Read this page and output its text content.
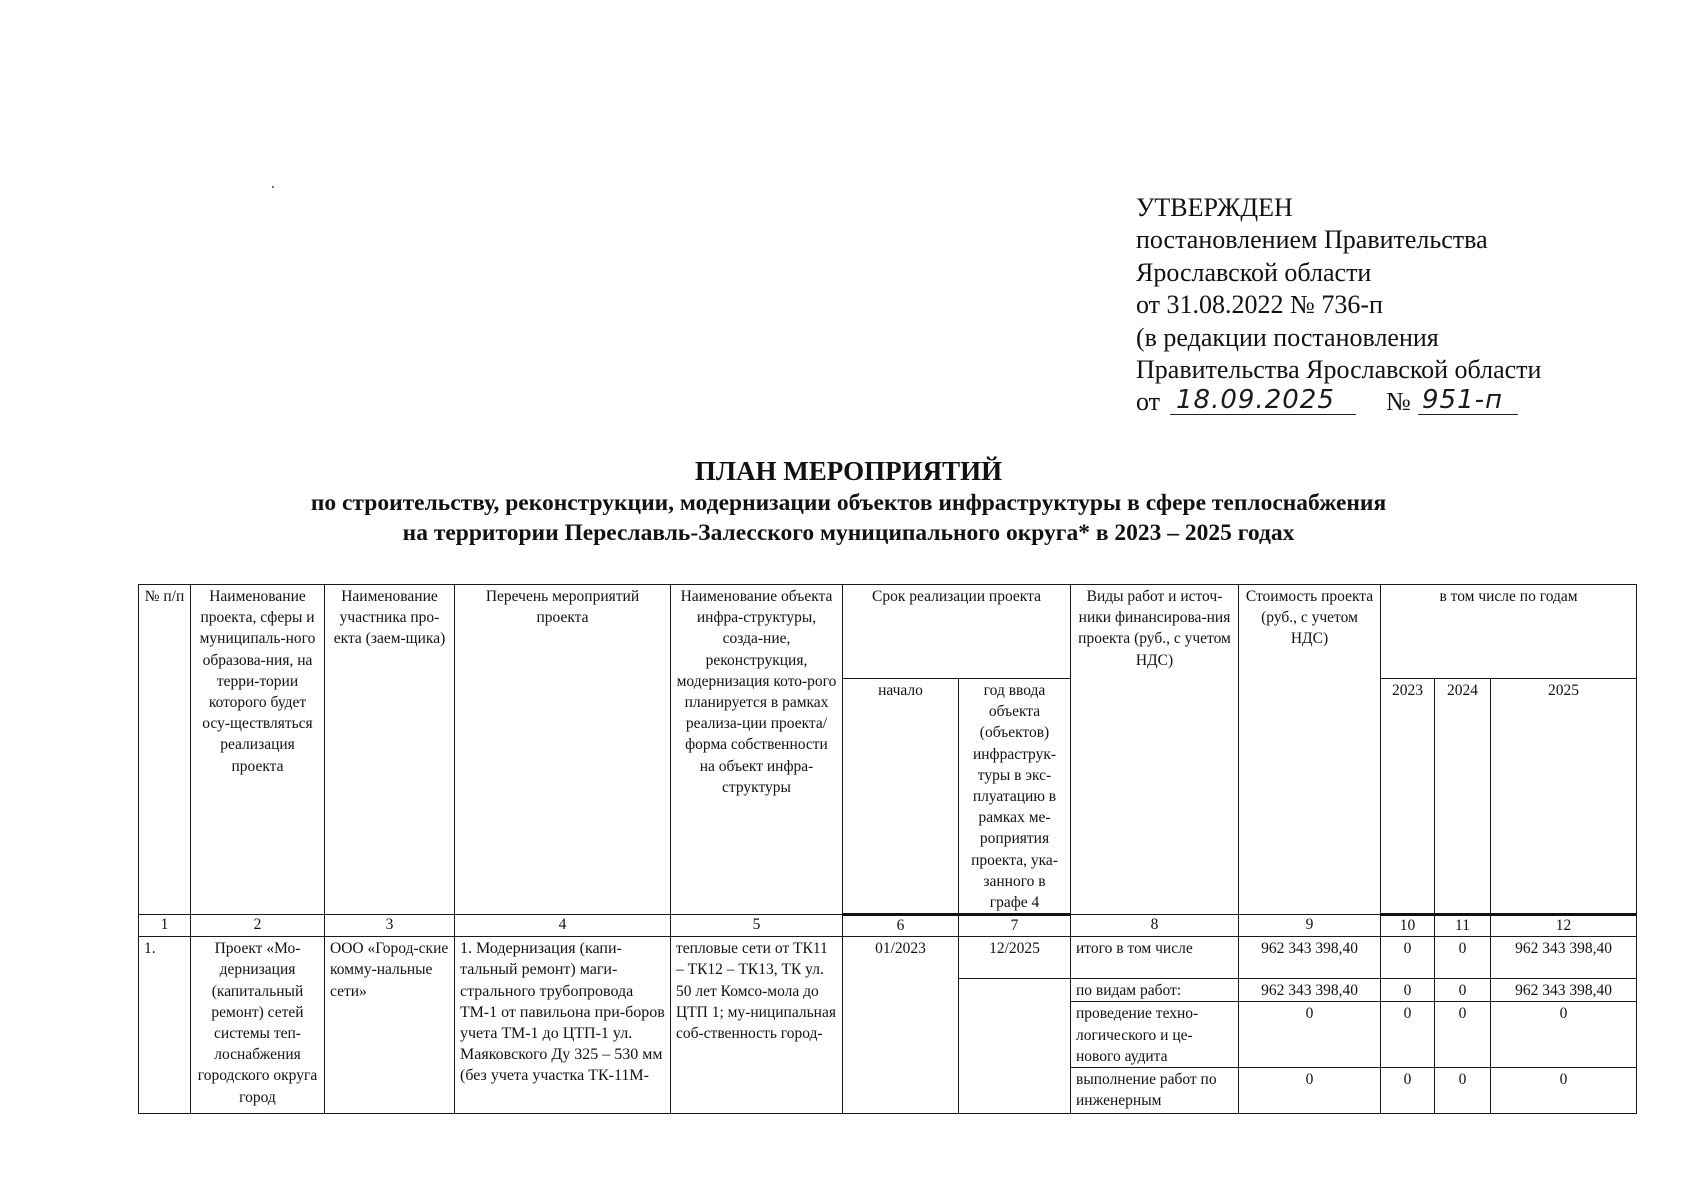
УТВЕРЖДЕН
постановлением Правительства
Ярославской области
от 31.08.2022 № 736-п
(в редакции постановления
Правительства Ярославской области
от 18.09.2025 № 951-п
ПЛАН МЕРОПРИЯТИЙ
по строительству, реконструкции, модернизации объектов инфраструктуры в сфере теплоснабжения
на территории Переславль-Залесского муниципального округа* в 2023 – 2025 годах
№ п/п	Наименование проекта, сферы и муниципаль-ного образова-ния, на терри-тории которого будет осу-ществляться реализация проекта	Наименование участника про-екта (заем-щика)	Перечень мероприятий проекта	Наименование объекта инфра-структуры, созда-ние, реконструкция, модернизация кото-рого планируется в рамках реализа-ции проекта/форма собственности на объект инфра-структуры	Срок реализации проекта		Виды работ и источ-ники финансирова-ния проекта (руб., с учетом НДС)	Стоимость проекта (руб., с учетом НДС)	в том числе по годам		
					начало	год ввода объекта (объектов) инфраструк-туры в экс-плуатацию в рамках ме-роприятия проекта, ука-занного в графе 4			2023	2024	2025
1	2	3	4	5	6	7	8	9	10	11	12
1.	Проект «Мо-дернизация (капитальный ремонт) сетей системы теп-лоснабжения городского округа город	ООО «Город-ские комму-нальные сети»	1. Модернизация (капи-тальный ремонт) маги-стрального трубопровода ТМ-1 от павильона при-боров учета ТМ-1 до ЦТП-1 ул. Маяковского Ду 325 – 530 мм (без учета участка ТК-11М-	тепловые сети от ТК11 – ТК12 – ТК13, ТК ул. 50 лет Комсо-мола до ЦТП 1; му-ниципальная соб-ственность город-	01/2023	12/2025	итого в том числе	962 343 398,40	0	0	962 343 398,40
							по видам работ:	962 343 398,40	0	0	962 343 398,40
							проведение техно-логического и це-нового аудита	0	0	0	0
							выполнение работ по инженерным	0	0	0	0
